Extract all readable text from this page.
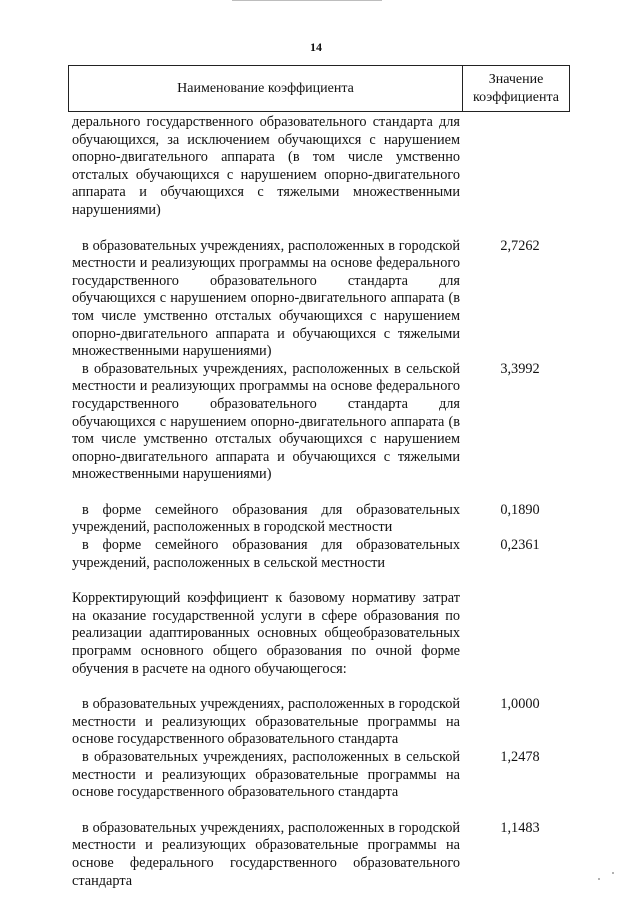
14
Наименование коэффициента
Значение коэффициента
дерального государственного образовательного стандарта для обучающихся, за исключением обучающихся с нарушением опорно-двигательного аппарата (в том числе умственно отсталых обучающихся с нарушением опорно-двигательного аппарата и обучающихся с тяжелыми множественными нарушениями)
в образовательных учреждениях, расположенных в городской местности и реализующих программы на основе федерального государственного образовательного стандарта для обучающихся с нарушением опорно-двигательного аппарата (в том числе умственно отсталых обучающихся с нарушением опорно-двигательного аппарата и обучающихся с тяжелыми множественными нарушениями)
2,7262
в образовательных учреждениях, расположенных в сельской местности и реализующих программы на основе федерального государственного образовательного стандарта для обучающихся с нарушением опорно-двигательного аппарата (в том числе умственно отсталых обучающихся с нарушением опорно-двигательного аппарата и обучающихся с тяжелыми множественными нарушениями)
3,3992
в форме семейного образования для образовательных учреждений, расположенных в городской местности
0,1890
в форме семейного образования для образовательных учреждений, расположенных в сельской местности
0,2361
Корректирующий коэффициент к базовому нормативу затрат на оказание государственной услуги в сфере образования по реализации адаптированных основных общеобразовательных программ основного общего образования по очной форме обучения в расчете на одного обучающегося:
в образовательных учреждениях, расположенных в городской местности и реализующих образовательные программы на основе государственного образовательного стандарта
1,0000
в образовательных учреждениях, расположенных в сельской местности и реализующих образовательные программы на основе государственного образовательного стандарта
1,2478
в образовательных учреждениях, расположенных в городской местности и реализующих образовательные программы на основе федерального государственного образовательного стандарта
1,1483
